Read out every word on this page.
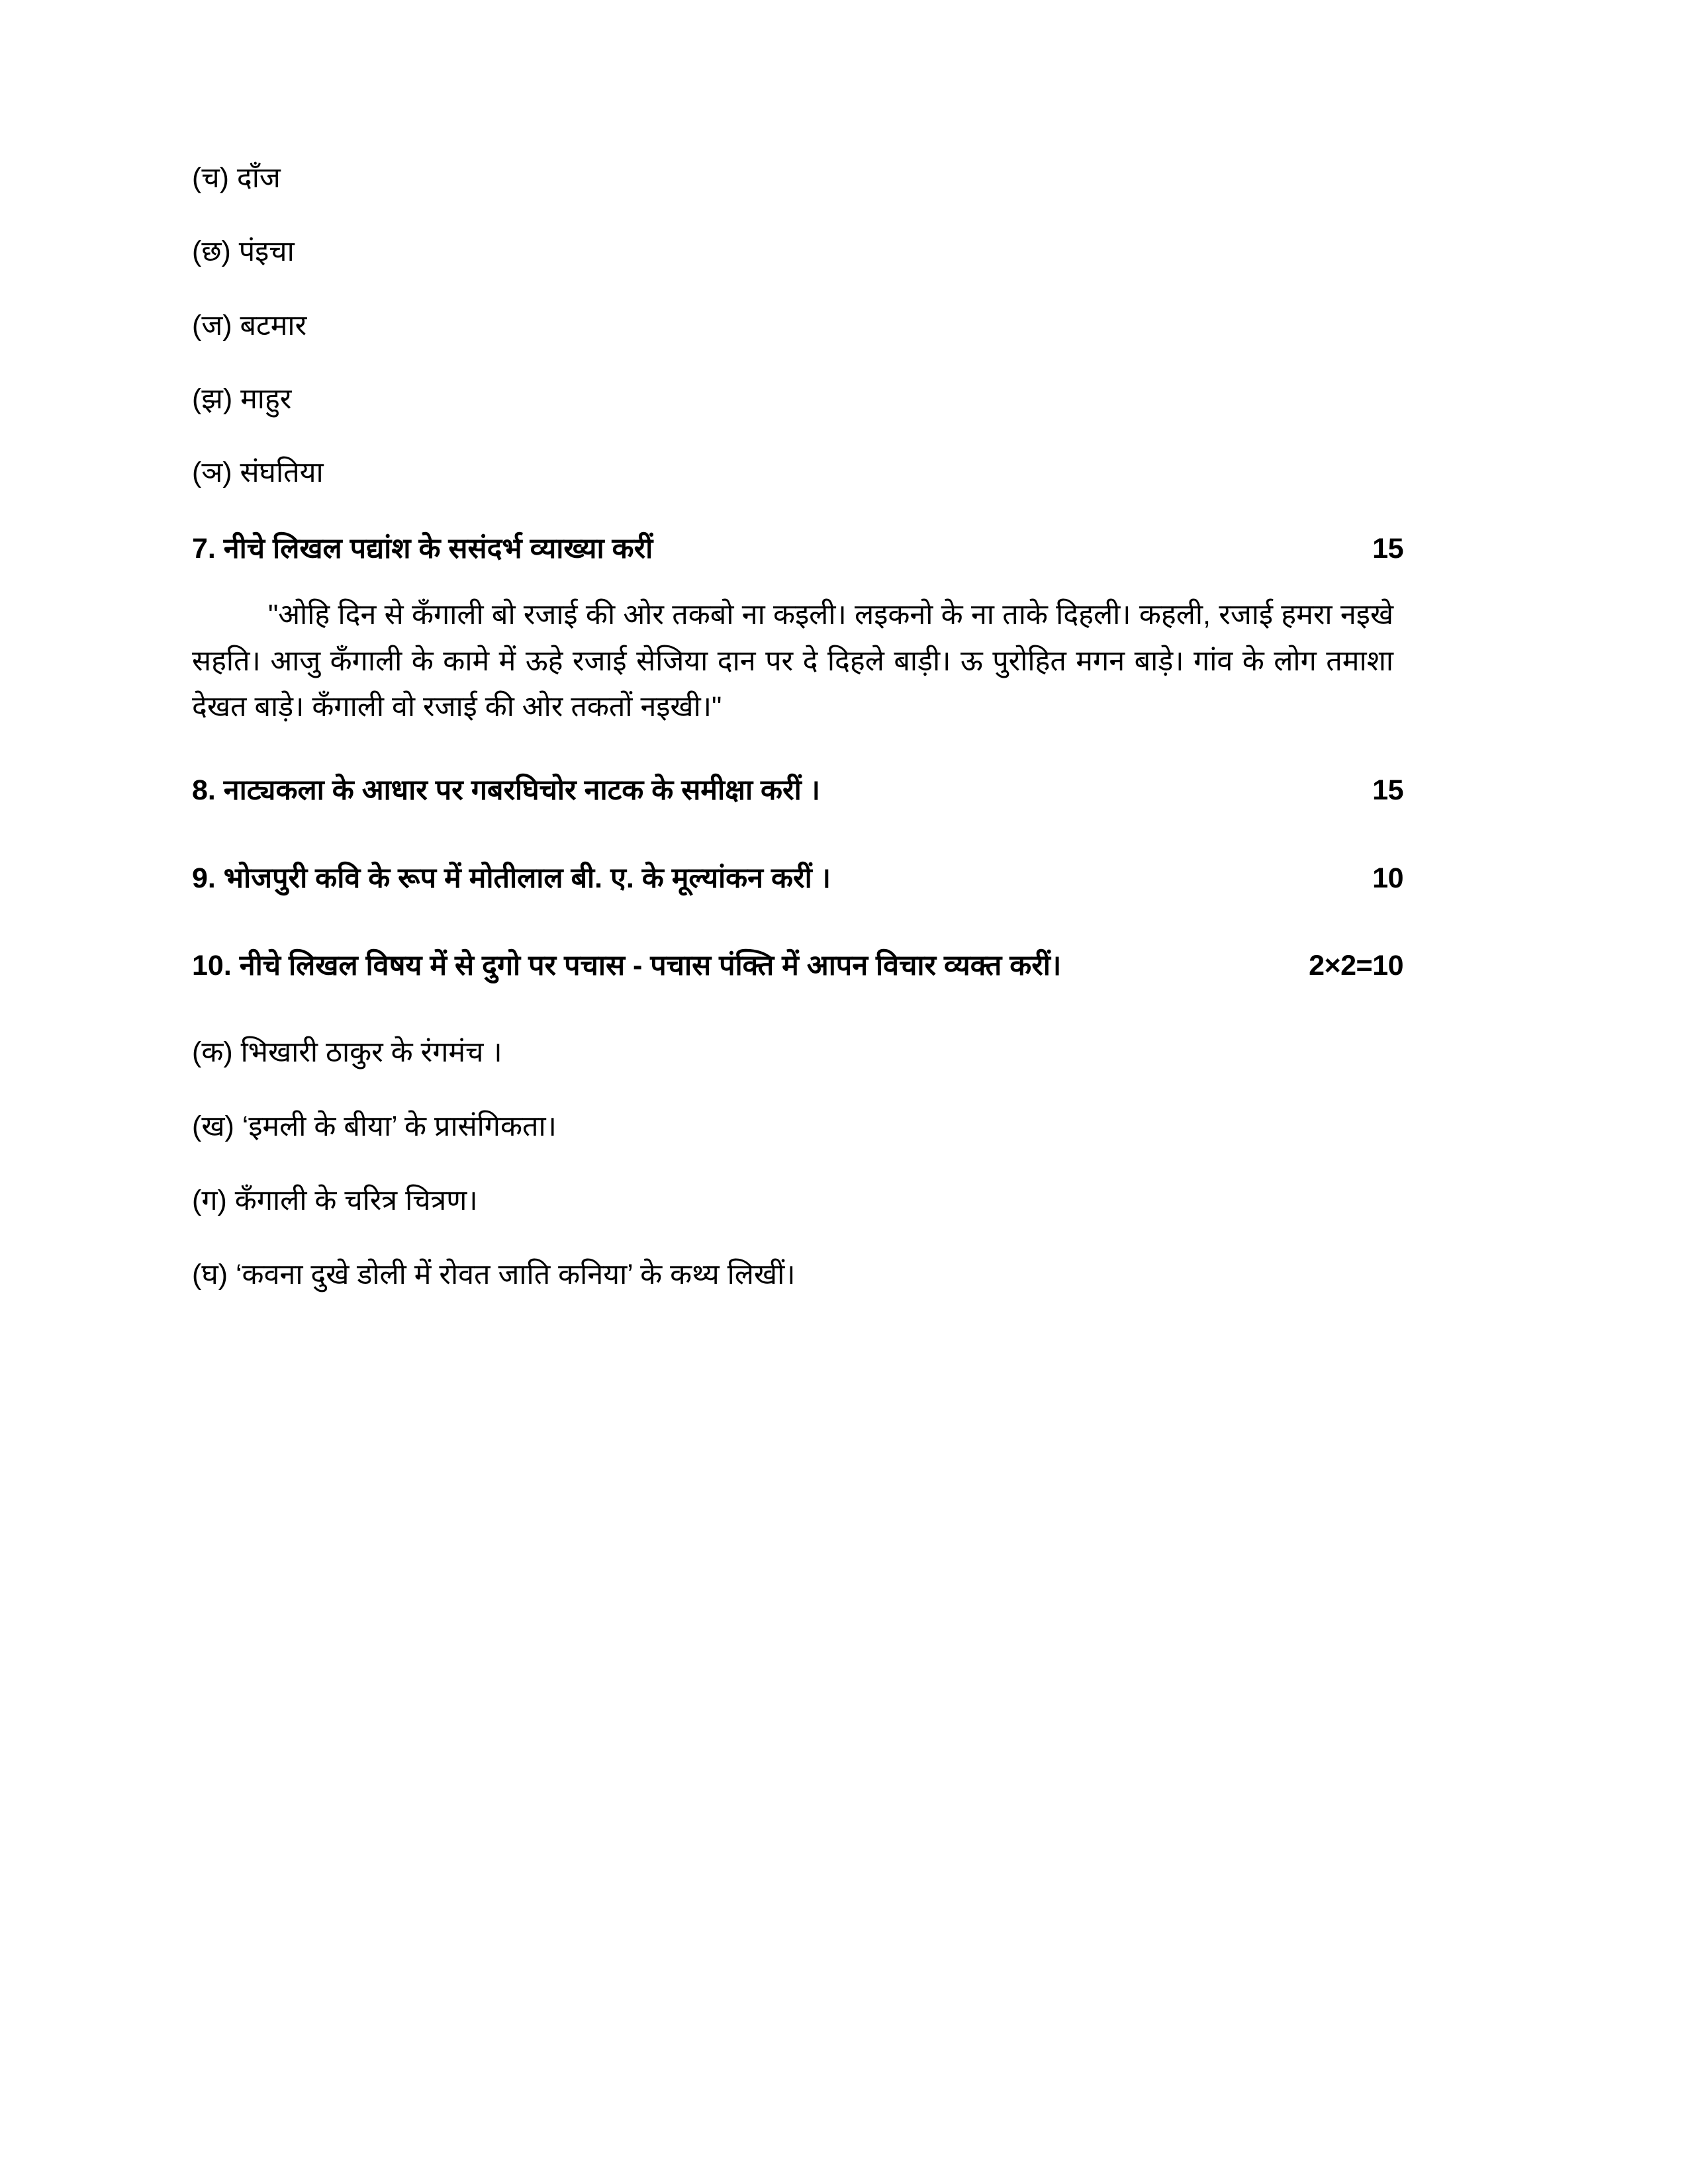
(च) दाँज
(छ) पंइचा
(ज) बटमार
(झ) माहुर
(ञ) संघतिया
7. नीचे लिखल पद्यांश के ससंदर्भ व्याख्या करीं	15
"ओहि दिन से कँगाली बो रजाई की ओर तकबो ना कइली। लइकनो के ना ताके दिहली। कहली, रजाई हमरा नइखे सहति। आजु कँगाली के कामे में ऊहे रजाई सेजिया दान पर दे दिहले बाड़ी। ऊ पुरोहित मगन बाड़े। गांव के लोग तमाशा देखत बाड़े। कँगाली वो रजाई की ओर तकतों नइखी।"
8. नाट्यकला के आधार पर गबरघिचोर नाटक के समीक्षा करीं ।	15
9. भोजपुरी कवि के रूप में मोतीलाल बी. ए. के मूल्यांकन करीं ।	10
10. नीचे लिखल विषय में से दुगो पर पचास - पचास पंक्ति में आपन विचार व्यक्त करीं।	2×2=10
(क) भिखारी ठाकुर के रंगमंच ।
(ख) ‘इमली के बीया’ के प्रासंगिकता।
(ग) कँगाली के चरित्र चित्रण।
(घ) ‘कवना दुखे डोली में रोवत जाति कनिया’ के कथ्य लिखीं।
